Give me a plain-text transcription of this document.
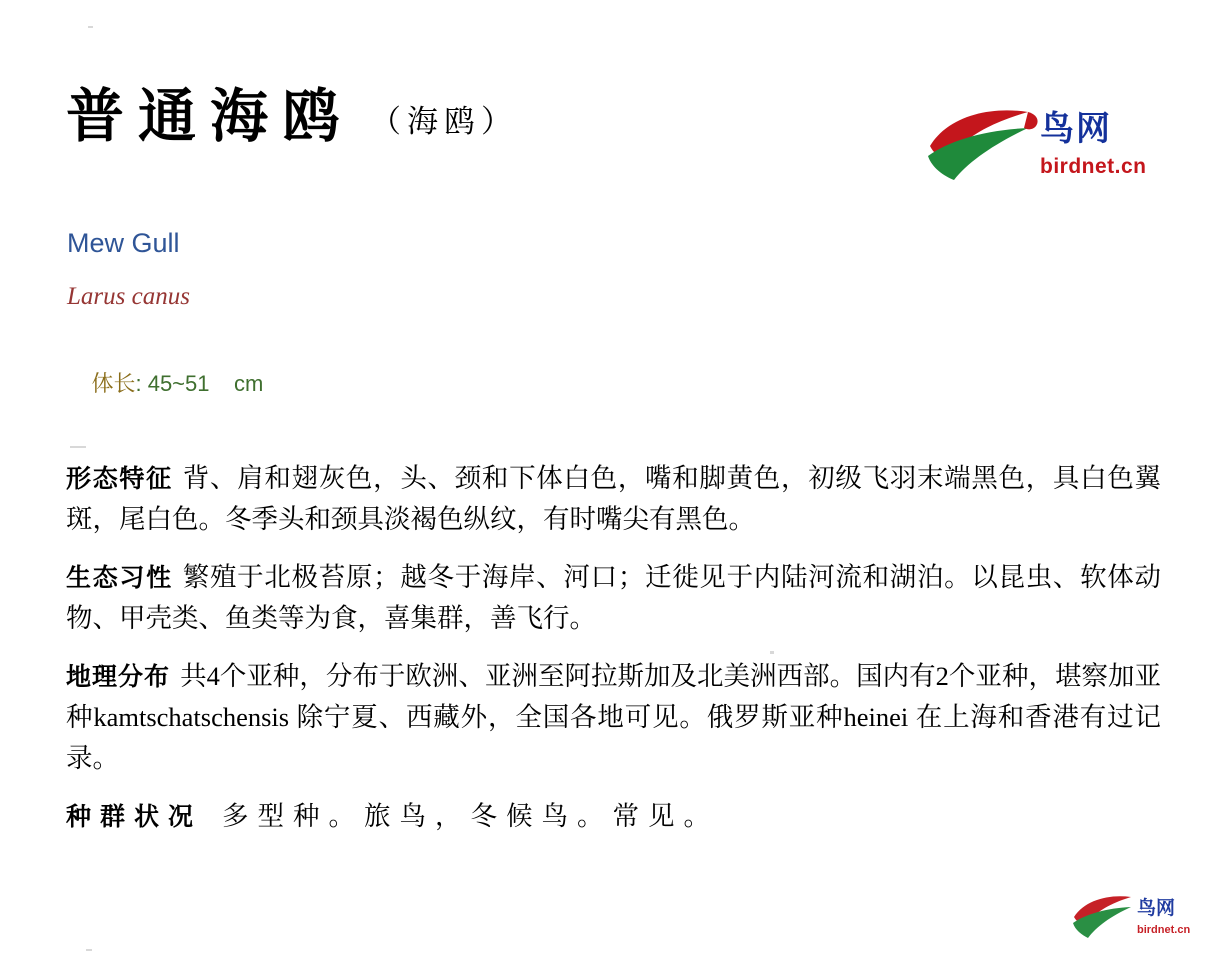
普通海鸥 （海鸥）	鸟网
birdnet.cn
Mew Gull
Larus canus

体长: 45~51 cm

形态特征 背、肩和翅灰色，头、颈和下体白色，嘴和脚黄色，初级飞羽末端黑色，具白色翼斑，尾白色。冬季头和颈具淡褐色纵纹，有时嘴尖有黑色。

生态习性 繁殖于北极苔原；越冬于海岸、河口；迁徙见于内陆河流和湖泊。以昆虫、软体动物、甲壳类、鱼类等为食，喜集群，善飞行。

地理分布 共4个亚种，分布于欧洲、亚洲至阿拉斯加及北美洲西部。国内有2个亚种，堪察加亚种kamtschatschensis 除宁夏、西藏外，全国各地可见。俄罗斯亚种heinei 在上海和香港有过记录。

种群状况 多型种。旅鸟，冬候鸟。常见。

鸟网
birdnet.cn
